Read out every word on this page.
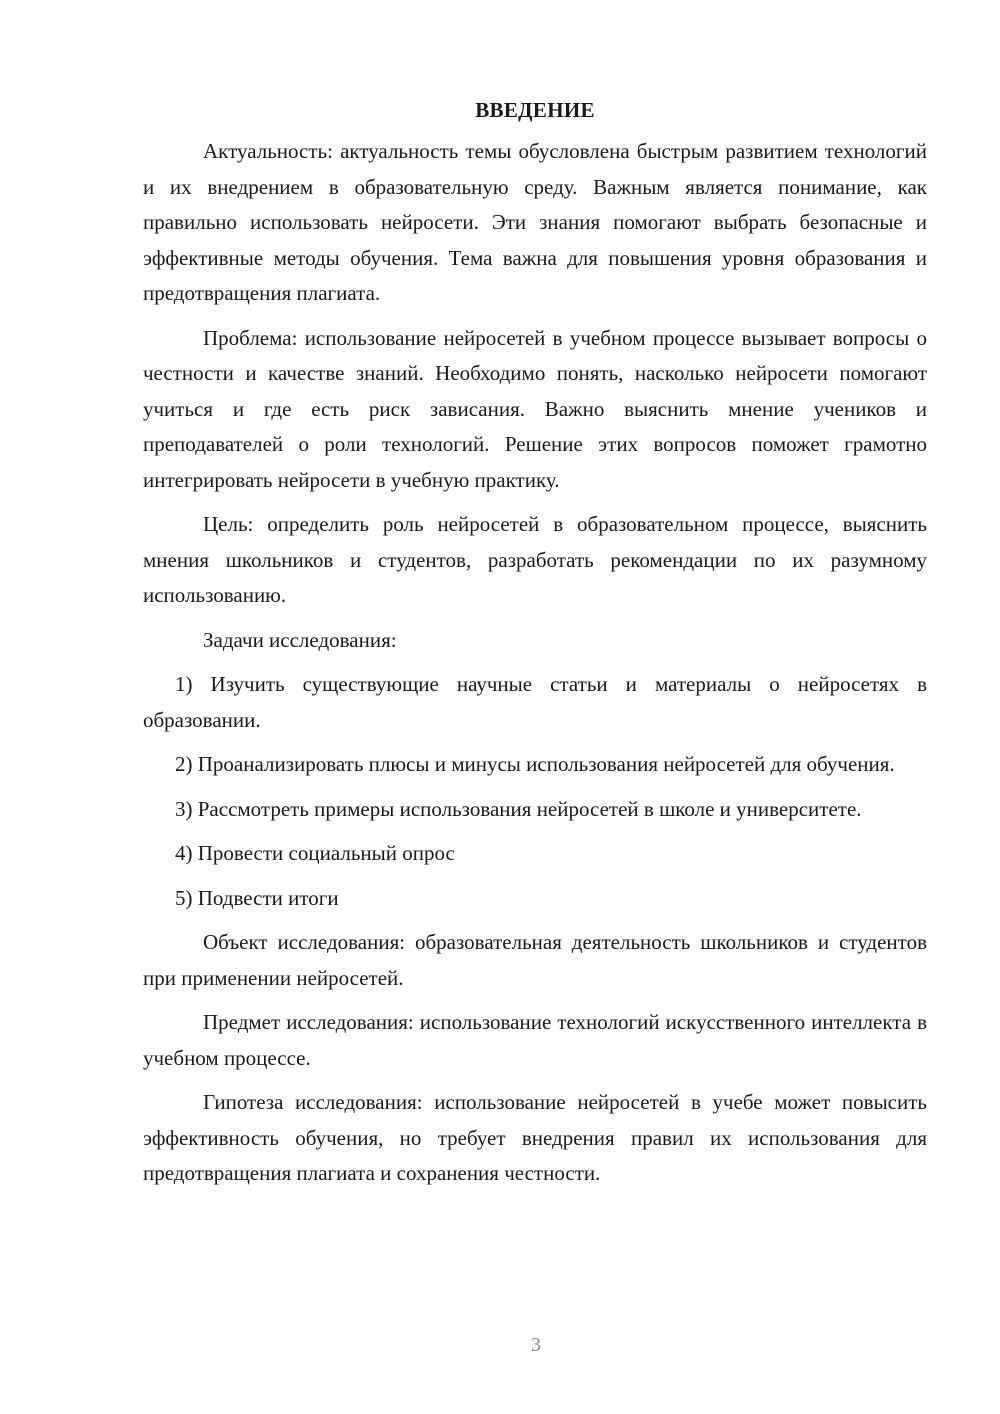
ВВЕДЕНИЕ

Актуальность: актуальность темы обусловлена быстрым развитием технологий и их внедрением в образовательную среду. Важным является понимание, как правильно использовать нейросети. Эти знания помогают выбрать безопасные и эффективные методы обучения. Тема важна для повышения уровня образования и предотвращения плагиата.

Проблема: использование нейросетей в учебном процессе вызывает вопросы о честности и качестве знаний. Необходимо понять, насколько нейросети помогают учиться и где есть риск зависания. Важно выяснить мнение учеников и преподавателей о роли технологий. Решение этих вопросов поможет грамотно интегрировать нейросети в учебную практику.

Цель: определить роль нейросетей в образовательном процессе, выяснить мнения школьников и студентов, разработать рекомендации по их разумному использованию.

Задачи исследования:

1) Изучить существующие научные статьи и материалы о нейросетях в образовании.

2) Проанализировать плюсы и минусы использования нейросетей для обучения.

3) Рассмотреть примеры использования нейросетей в школе и университете.

4) Провести социальный опрос

5) Подвести итоги

Объект исследования: образовательная деятельность школьников и студентов при применении нейросетей.

Предмет исследования: использование технологий искусственного интеллекта в учебном процессе.

Гипотеза исследования: использование нейросетей в учебе может повысить эффективность обучения, но требует внедрения правил их использования для предотвращения плагиата и сохранения честности.

3
